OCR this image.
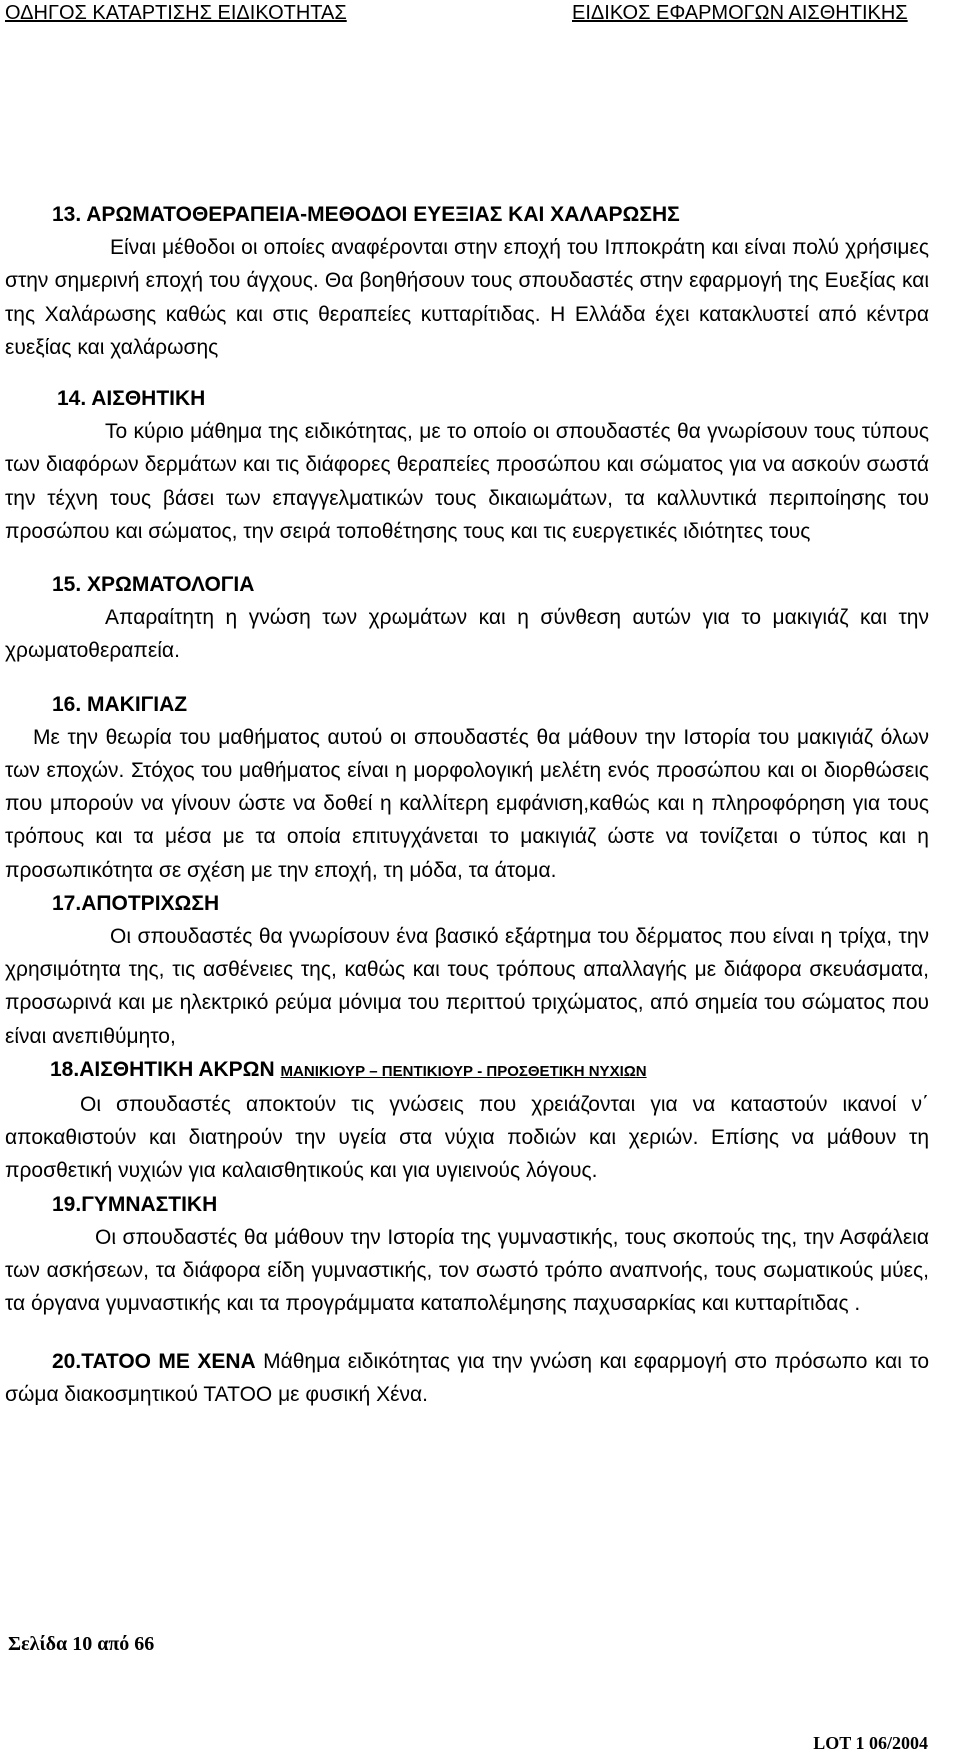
ΟΔΗΓΟΣ ΚΑΤΑΡΤΙΣΗΣ ΕΙΔΙΚΟΤΗΤΑΣ	ΕΙΔΙΚΟΣ ΕΦΑΡΜΟΓΩΝ ΑΙΣΘΗΤΙΚΗΣ
13. ΑΡΩΜΑΤΟΘΕΡΑΠΕΙΑ-ΜΕΘΟΔΟΙ ΕΥΕΞΙΑΣ ΚΑΙ ΧΑΛΑΡΩΣΗΣ

Είναι μέθοδοι οι οποίες αναφέρονται στην εποχή του Ιπποκράτη και είναι πολύ χρήσιμες στην σημερινή εποχή του άγχους. Θα βοηθήσουν τους σπουδαστές στην εφαρμογή της Ευεξίας και της Χαλάρωσης καθώς και στις θεραπείες κυτταρίτιδας. Η Ελλάδα έχει κατακλυστεί από κέντρα ευεξίας και χαλάρωσης

14. ΑΙΣΘΗΤΙΚΗ

Το κύριο μάθημα της ειδικότητας, με το οποίο οι σπουδαστές θα γνωρίσουν τους τύπους των διαφόρων δερμάτων και τις διάφορες θεραπείες προσώπου και σώματος για να ασκούν σωστά την τέχνη τους βάσει των επαγγελματικών τους δικαιωμάτων, τα καλλυντικά περιποίησης του προσώπου και σώματος, την σειρά τοποθέτησης τους και τις ευεργετικές ιδιότητες τους

15. ΧΡΩΜΑΤΟΛΟΓΙΑ

Απαραίτητη η γνώση των χρωμάτων και η σύνθεση αυτών για το μακιγιάζ και την χρωματοθεραπεία.

16. ΜΑΚΙΓΙΑΖ

Με την θεωρία του μαθήματος αυτού οι σπουδαστές θα μάθουν την Ιστορία του μακιγιάζ όλων των εποχών. Στόχος του μαθήματος είναι η μορφολογική μελέτη ενός προσώπου και οι διορθώσεις που μπορούν να γίνουν ώστε να δοθεί η καλλίτερη εμφάνιση,καθώς και η πληροφόρηση για τους τρόπους και τα μέσα με τα οποία επιτυγχάνεται το μακιγιάζ ώστε να τονίζεται ο τύπος και η προσωπικότητα σε σχέση με την εποχή, τη μόδα, τα άτομα.

17.ΑΠΟΤΡΙΧΩΣΗ

Οι σπουδαστές θα γνωρίσουν ένα βασικό εξάρτημα του δέρματος που είναι η τρίχα, την χρησιμότητα της, τις ασθένειες της, καθώς και τους τρόπους απαλλαγής με διάφορα σκευάσματα, προσωρινά και με ηλεκτρικό ρεύμα μόνιμα του περιττού τριχώματος, από σημεία του σώματος που είναι ανεπιθύμητο,

18.ΑΙΣΘΗΤΙΚΗ ΑΚΡΩΝ ΜΑΝΙΚΙΟΥΡ – ΠΕΝΤΙΚΙΟΥΡ - ΠΡΟΣΘΕΤΙΚΗ ΝΥΧΙΩΝ

Οι σπουδαστές αποκτούν τις γνώσεις που χρειάζονται για να καταστούν ικανοί ν΄ αποκαθιστούν και διατηρούν την υγεία στα νύχια ποδιών και χεριών. Επίσης να μάθουν τη προσθετική νυχιών για καλαισθητικούς και για υγιεινούς λόγους.

19.ΓΥΜΝΑΣΤΙΚΗ

Οι σπουδαστές θα μάθουν την Ιστορία της γυμναστικής, τους σκοπούς της, την Ασφάλεια των ασκήσεων, τα διάφορα είδη γυμναστικής, τον σωστό τρόπο αναπνοής, τους σωματικούς μύες, τα όργανα γυμναστικής και τα προγράμματα καταπολέμησης παχυσαρκίας και κυτταρίτιδας .

20.ΤΑΤΟΟ ΜΕ ΧΕΝΑ Μάθημα ειδικότητας για την γνώση και εφαρμογή στο πρόσωπο και το σώμα διακοσμητικού ΤΑΤΟΟ με φυσική Χένα.

Σελίδα 10 από 66
LOT 1 06/2004
